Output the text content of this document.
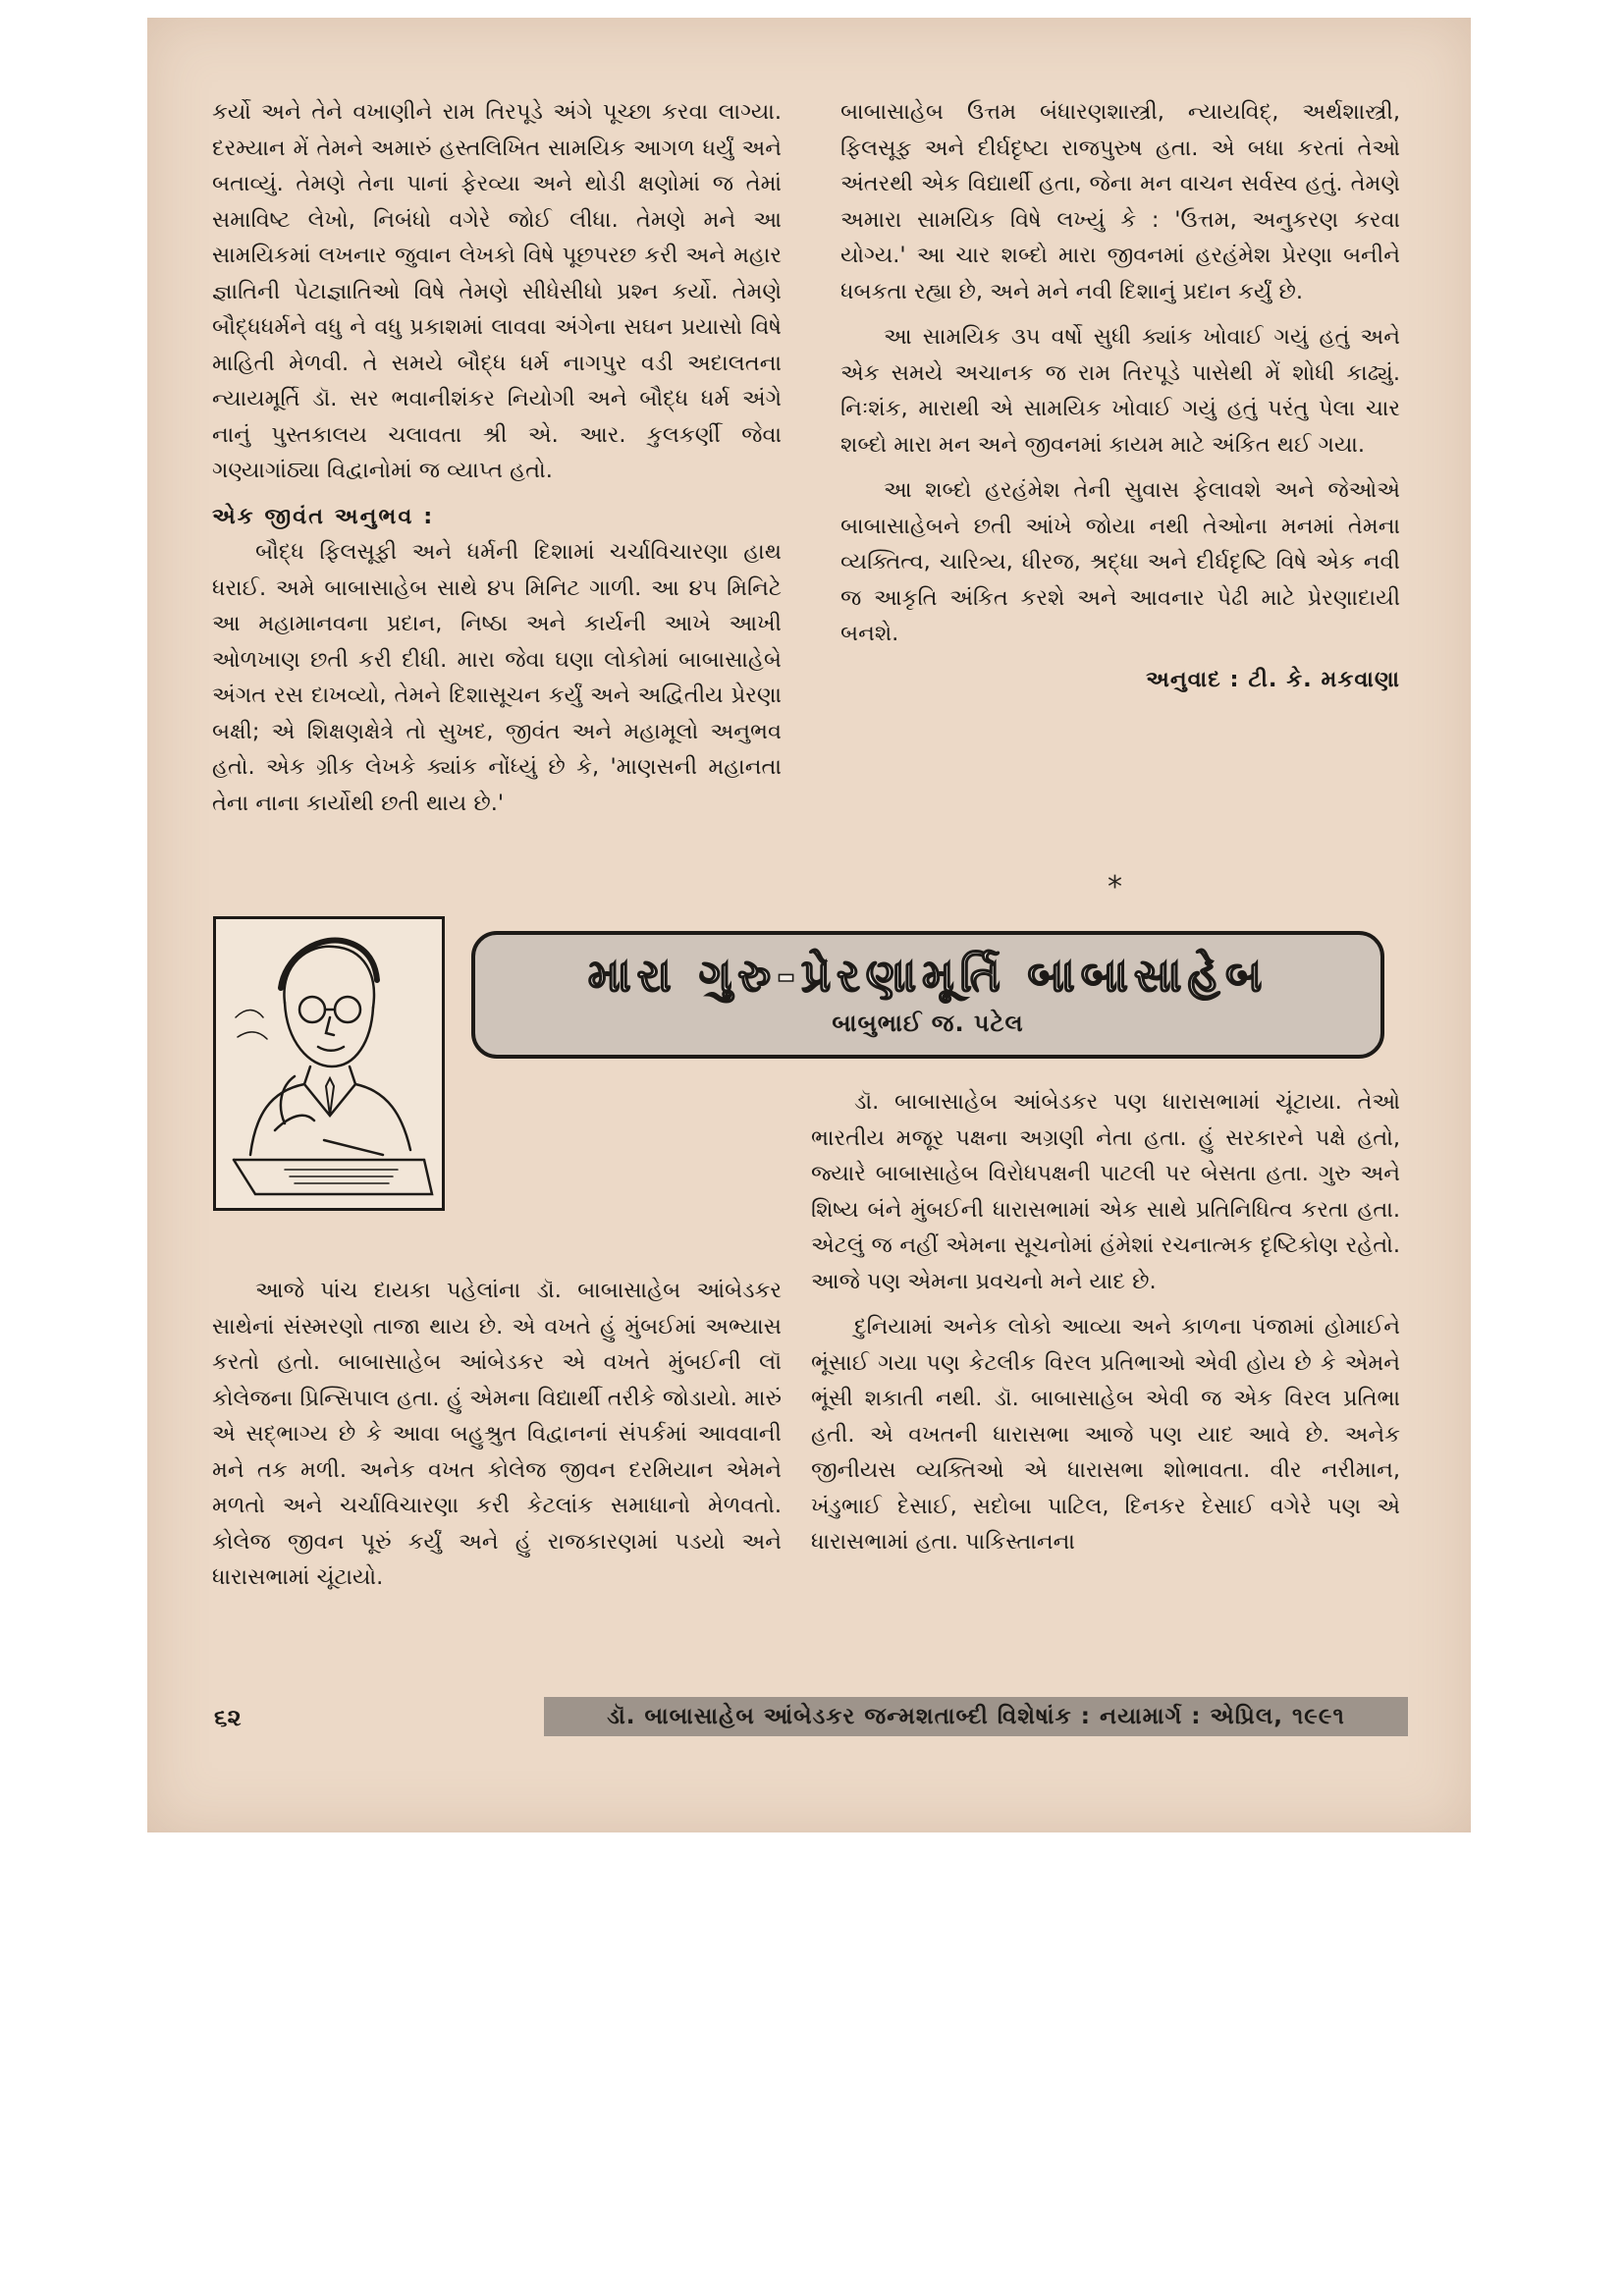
કર્યો અને તેને વખાણીને રામ તિરપૂડે અંગે પૂચ્છા કરવા લાગ્યા. દરમ્યાન મેં તેમને અમારું હસ્તલિખિત સામયિક આગળ ધર્યું અને બતાવ્યું. તેમણે તેના પાનાં ફેરવ્યા અને થોડી ક્ષણોમાં જ તેમાં સમાવિષ્ટ લેખો, નિબંધો વગેરે જોઈ લીધા. તેમણે મને આ સામયિકમાં લખનાર જુવાન લેખકો વિષે પૂછપરછ કરી અને મહાર જ્ઞાતિની પેટાજ્ઞાતિઓ વિષે તેમણે સીધેસીધો પ્રશ્ન કર્યો. તેમણે બૌદ્ધધર્મને વધુ ને વધુ પ્રકાશમાં લાવવા અંગેના સઘન પ્રયાસો વિષે માહિતી મેળવી. તે સમયે બૌદ્ધ ધર્મ નાગપુર વડી અદાલતના ન્યાયમૂર્તિ ડૉ. સર ભવાનીશંકર નિયોગી અને બૌદ્ધ ધર્મ અંગે નાનું પુસ્તકાલય ચલાવતા શ્રી એ. આર. કુલકર્ણી જેવા ગણ્યાગાંઠ્યા વિદ્વાનોમાં જ વ્યાપ્ત હતો.

એક જીવંત અનુભવ :

બૌદ્ધ ફિલસૂફી અને ધર્મની દિશામાં ચર્ચાવિચારણા હાથ ધરાઈ. અમે બાબાસાહેબ સાથે ૪૫ મિનિટ ગાળી. આ ૪૫ મિનિટે આ મહામાનવના પ્રદાન, નિષ્ઠા અને કાર્યની આખે આખી ઓળખાણ છતી કરી દીધી. મારા જેવા ઘણા લોકોમાં બાબાસાહેબે અંગત રસ દાખવ્યો, તેમને દિશાસૂચન કર્યું અને અદ્વિતીય પ્રેરણા બક્ષી; એ શિક્ષણક્ષેત્રે તો સુખદ, જીવંત અને મહામૂલો અનુભવ હતો. એક ગ્રીક લેખકે ક્યાંક નોંધ્યું છે કે, 'માણસની મહાનતા તેના નાના કાર્યોથી છતી થાય છે.'

બાબાસાહેબ ઉત્તમ બંધારણશાસ્ત્રી, ન્યાયવિદ્, અર્થશાસ્ત્રી, ફિલસૂફ અને દીર્ઘદૃષ્ટા રાજપુરુષ હતા. એ બધા કરતાં તેઓ અંતરથી એક વિદ્યાર્થી હતા, જેના મન વાચન સર્વસ્વ હતું. તેમણે અમારા સામયિક વિષે લખ્યું કે : 'ઉત્તમ, અનુકરણ કરવા યોગ્ય.' આ ચાર શબ્દો મારા જીવનમાં હરહંમેશ પ્રેરણા બનીને ધબકતા રહ્યા છે, અને મને નવી દિશાનું પ્રદાન કર્યું છે.

આ સામયિક ૩૫ વર્ષો સુધી ક્યાંક ખોવાઈ ગયું હતું અને એક સમયે અચાનક જ રામ તિરપૂડે પાસેથી મેં શોધી કાઢ્યું. નિઃશંક, મારાથી એ સામયિક ખોવાઈ ગયું હતું પરંતુ પેલા ચાર શબ્દો મારા મન અને જીવનમાં કાયમ માટે અંકિત થઈ ગયા.

આ શબ્દો હરહંમેશ તેની સુવાસ ફેલાવશે અને જેઓએ બાબાસાહેબને છતી આંખે જોયા નથી તેઓના મનમાં તેમના વ્યક્તિત્વ, ચારિત્ર્ય, ધીરજ, શ્રદ્ધા અને દીર્ઘદૃષ્ટિ વિષે એક નવી જ આકૃતિ અંકિત કરશે અને આવનાર પેઢી માટે પ્રેરણાદાયી બનશે.

અનુવાદ : ટી. કે. મકવાણા

*
મારા ગુરુ-પ્રેરણામૂર્તિ બાબાસાહેબ
બાબુભાઈ જ. પટેલ

આજે પાંચ દાયકા પહેલાંના ડૉ. બાબાસાહેબ આંબેડકર સાથેનાં સંસ્મરણો તાજા થાય છે. એ વખતે હું મુંબઈમાં અભ્યાસ કરતો હતો. બાબાસાહેબ આંબેડકર એ વખતે મુંબઈની લૉ કોલેજના પ્રિન્સિપાલ હતા. હું એમના વિદ્યાર્થી તરીકે જોડાયો. મારું એ સદ્‌ભાગ્ય છે કે આવા બહુશ્રુત વિદ્વાનનાં સંપર્કમાં આવવાની મને તક મળી. અનેક વખત કોલેજ જીવન દરમિયાન એમને મળતો અને ચર્ચાવિચારણા કરી કેટલાંક સમાધાનો મેળવતો. કોલેજ જીવન પૂરું કર્યું અને હું રાજકારણમાં પડયો અને ધારાસભામાં ચૂંટાયો.

ડૉ. બાબાસાહેબ આંબેડકર પણ ધારાસભામાં ચૂંટાયા. તેઓ ભારતીય મજૂર પક્ષના અગ્રણી નેતા હતા. હું સરકારને પક્ષે હતો, જ્યારે બાબાસાહેબ વિરોધપક્ષની પાટલી પર બેસતા હતા. ગુરુ અને શિષ્ય બંને મુંબઈની ધારાસભામાં એક સાથે પ્રતિનિધિત્વ કરતા હતા. એટલું જ નહીં એમના સૂચનોમાં હંમેશાં રચનાત્મક દૃષ્ટિકોણ રહેતો. આજે પણ એમના પ્રવચનો મને યાદ છે.

દુનિયામાં અનેક લોકો આવ્યા અને કાળના પંજામાં હોમાઈને ભૂંસાઈ ગયા પણ કેટલીક વિરલ પ્રતિભાઓ એવી હોય છે કે એમને ભૂંસી શકાતી નથી. ડૉ. બાબાસાહેબ એવી જ એક વિરલ પ્રતિભા હતી. એ વખતની ધારાસભા આજે પણ યાદ આવે છે. અનેક જીનીયસ વ્યક્તિઓ એ ધારાસભા શોભાવતા. વીર નરીમાન, ખંડુભાઈ દેસાઈ, સદોબા પાટિલ, દિનકર દેસાઈ વગેરે પણ એ ધારાસભામાં હતા. પાકિસ્તાનના

૬૨	ડૉ. બાબાસાહેબ આંબેડકર જન્મશતાબ્દી વિશેષાંક : નયામાર્ગ : એપ્રિલ, ૧૯૯૧
